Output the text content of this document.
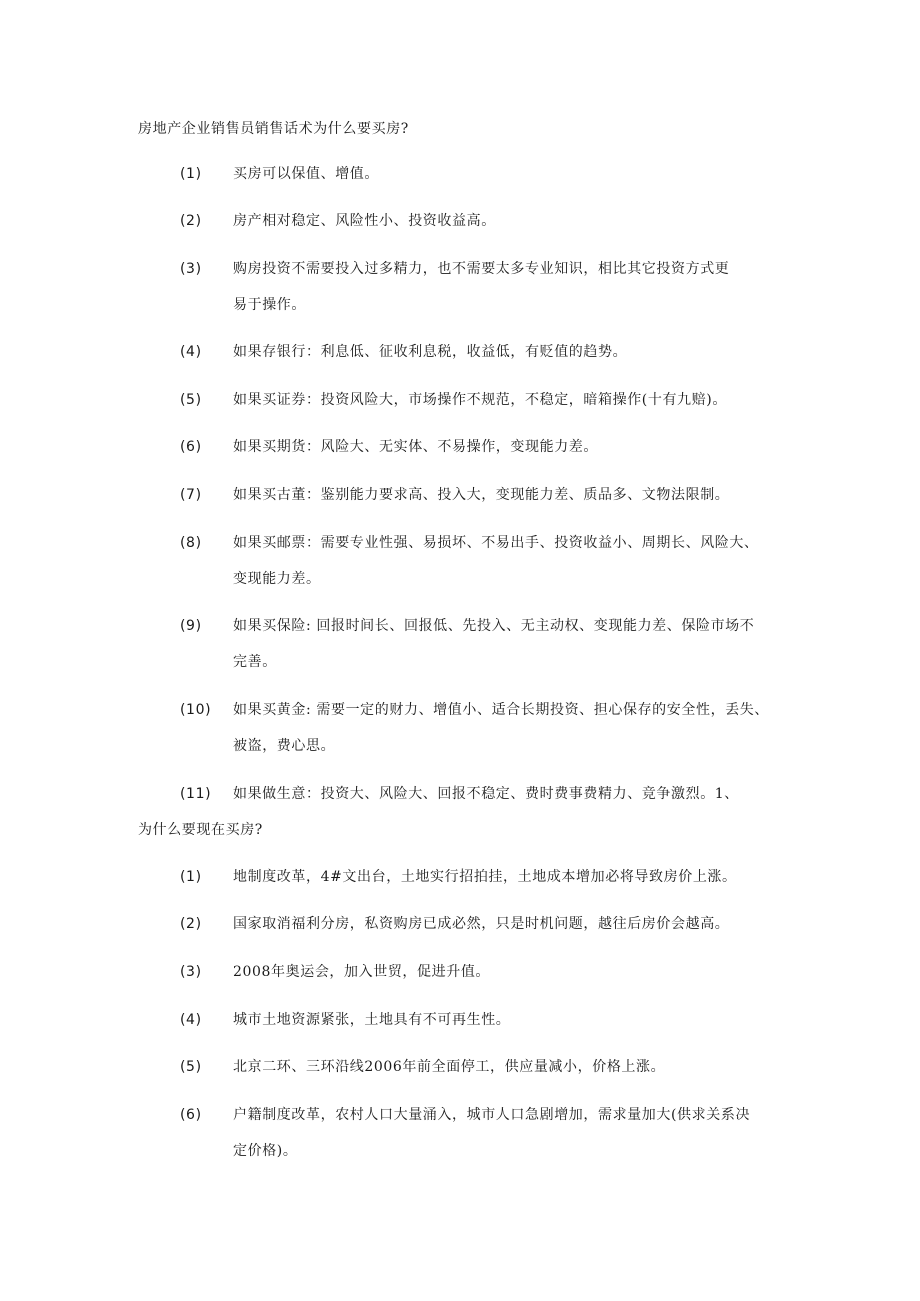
房地产企业销售员销售话术为什么要买房?
(1) 买房可以保值、增值。
(2) 房产相对稳定、风险性小、投资收益高。
(3) 购房投资不需要投入过多精力，也不需要太多专业知识，相比其它投资方式更
易于操作。
(4) 如果存银行：利息低、征收利息税，收益低，有贬值的趋势。
(5) 如果买证券：投资风险大，市场操作不规范，不稳定，暗箱操作(十有九赔)。
(6) 如果买期货：风险大、无实体、不易操作，变现能力差。
(7) 如果买古董：鉴别能力要求高、投入大，变现能力差、质品多、文物法限制。
(8) 如果买邮票：需要专业性强、易损坏、不易出手、投资收益小、周期长、风险大、
变现能力差。
(9) 如果买保险: 回报时间长、回报低、先投入、无主动权、变现能力差、保险市场不
完善。
(10) 如果买黄金: 需要一定的财力、增值小、适合长期投资、担心保存的安全性，丢失、
被盗，费心思。
(11) 如果做生意：投资大、风险大、回报不稳定、费时费事费精力、竞争激烈。1、
为什么要现在买房?
(1) 地制度改革，4#文出台，土地实行招拍挂，土地成本增加必将导致房价上涨。
(2) 国家取消福利分房，私资购房已成必然，只是时机问题，越往后房价会越高。
(3) 2008年奥运会，加入世贸，促进升值。
(4) 城市土地资源紧张，土地具有不可再生性。
(5) 北京二环、三环沿线2006年前全面停工，供应量减小，价格上涨。
(6) 户籍制度改革，农村人口大量涌入，城市人口急剧增加，需求量加大(供求关系决
定价格)。
